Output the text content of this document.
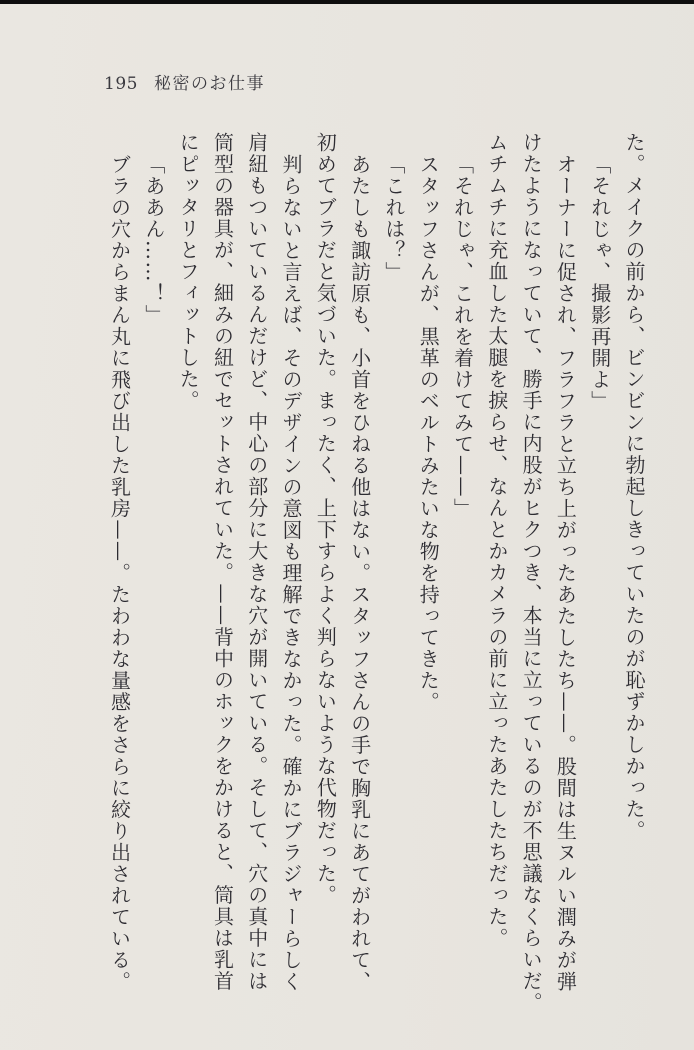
195 秘密のお仕事
た。メイクの前から、ビンビンに勃起しきっていたのが恥ずかしかった。
「それじゃ、撮影再開よ」
オーナーに促され、フラフラと立ち上がったあたしたち——。股間は生ヌルい潤みが弾
けたようになっていて、勝手に内股がヒクつき、本当に立っているのが不思議なくらいだ。
ムチムチに充血した太腿を捩らせ、なんとかカメラの前に立ったあたしたちだった。
「それじゃ、これを着けてみて——」
スタッフさんが、黒革のベルトみたいな物を持ってきた。
「これは？」
あたしも諏訪原も、小首をひねる他はない。スタッフさんの手で胸乳にあてがわれて、
初めてブラだと気づいた。まったく、上下すらよく判らないような代物だった。
判らないと言えば、そのデザインの意図も理解できなかった。確かにブラジャーらしく
肩紐もついているんだけど、中心の部分に大きな穴が開いている。そして、穴の真中には
筒型の器具が、細みの紐でセットされていた。——背中のホックをかけると、筒具は乳首
にピッタリとフィットした。
「ああん……！」
ブラの穴からまん丸に飛び出した乳房——。たわわな量感をさらに絞り出されている。
